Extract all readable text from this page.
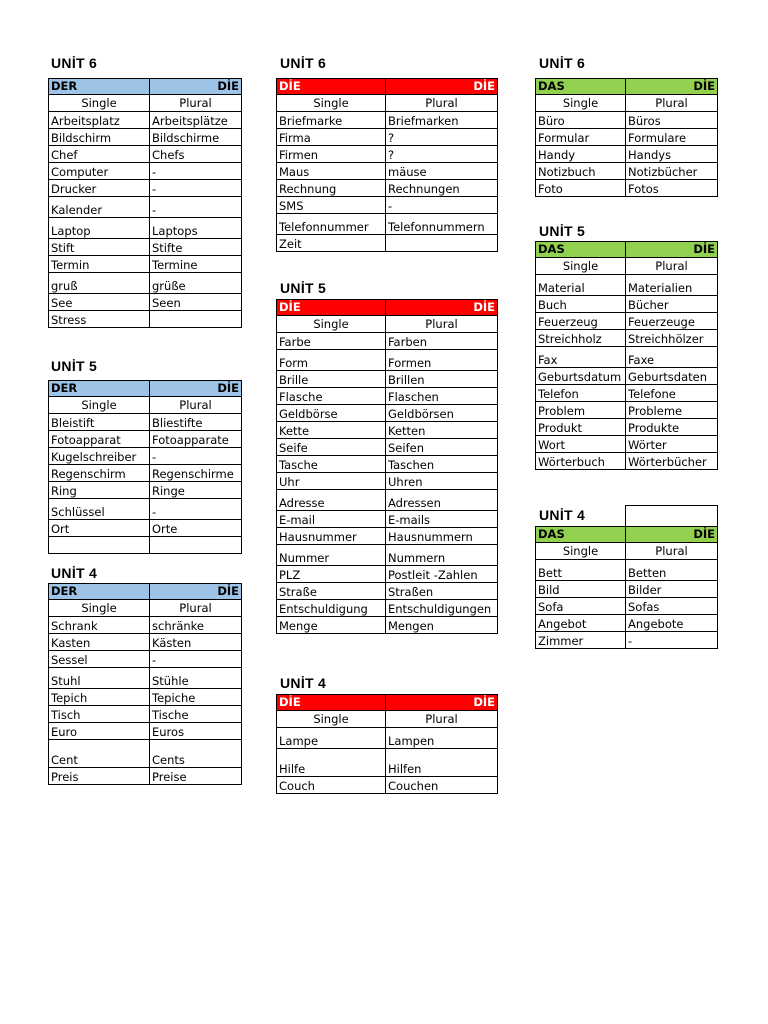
UNİT 6
DER	DİE
Single	Plural
Arbeitsplatz	Arbeitsplätze
Bildschirm	Bildschirme
Chef	Chefs
Computer	-
Drucker	-
Kalender	-
Laptop	Laptops
Stift	Stifte
Termin	Termine
gruß	grüße
See	Seen
Stress	
UNİT 5
DER	DİE
Single	Plural
Bleistift	Bliestifte
Fotoapparat	Fotoapparate
Kugelschreiber	-
Regenschirm	Regenschirme
Ring	Ringe
Schlüssel	-
Ort	Orte

UNİT 4
DER	DİE
Single	Plural
Schrank	schränke
Kasten	Kästen
Sessel	-
Stuhl	Stühle
Tepich	Tepiche
Tisch	Tische
Euro	Euros
Cent	Cents
Preis	Preise
UNİT 6
DİE	DİE
Single	Plural
Briefmarke	Briefmarken
Firma	?
Firmen	?
Maus	mäuse
Rechnung	Rechnungen
SMS	-
Telefonnummer	Telefonnummern
Zeit	
UNİT 5
DİE	DİE
Single	Plural
Farbe	Farben
Form	Formen
Brille	Brillen
Flasche	Flaschen
Geldbörse	Geldbörsen
Kette	Ketten
Seife	Seifen
Tasche	Taschen
Uhr	Uhren
Adresse	Adressen
E-mail	E-mails
Hausnummer	Hausnummern
Nummer	Nummern
PLZ	Postleit -Zahlen
Straße	Straßen
Entschuldigung	Entschuldigungen
Menge	Mengen
UNİT 4
DİE	DİE
Single	Plural
Lampe	Lampen
Hilfe	Hilfen
Couch	Couchen
UNİT 6
DAS	DİE
Single	Plural
Büro	Büros
Formular	Formulare
Handy	Handys
Notizbuch	Notizbücher
Foto	Fotos
UNİT 5
DAS	DİE
Single	Plural
Material	Materialien
Buch	Bücher
Feuerzeug	Feuerzeuge
Streichholz	Streichhölzer
Fax	Faxe
Geburtsdatum	Geburtsdaten
Telefon	Telefone
Problem	Probleme
Produkt	Produkte
Wort	Wörter
Wörterbuch	Wörterbücher
UNİT 4
DAS	DİE
Single	Plural
Bett	Betten
Bild	Bilder
Sofa	Sofas
Angebot	Angebote
Zimmer	-
